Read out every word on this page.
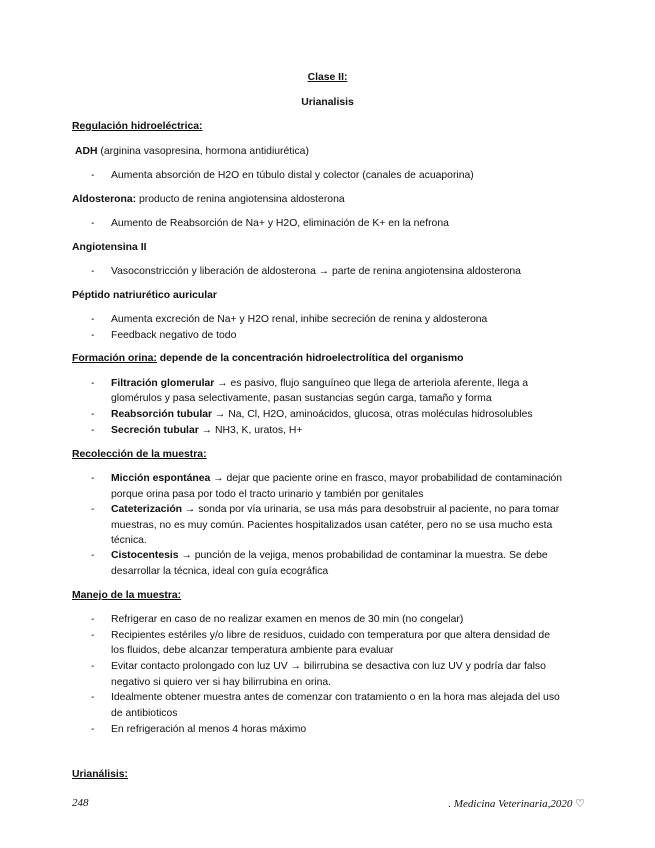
Clase II:
Urianalisis
Regulación hidroeléctrica:
ADH (arginina vasopresina, hormona antidiurética)
- Aumenta absorción de H2O en túbulo distal y colector (canales de acuaporina)
Aldosterona: producto de renina angiotensina aldosterona
- Aumento de Reabsorción de Na+ y H2O, eliminación de K+ en la nefrona
Angiotensina II
- Vasoconstricción y liberación de aldosterona → parte de renina angiotensina aldosterona
Péptido natriurético auricular
- Aumenta excreción de Na+ y H2O renal, inhibe secreción de renina y aldosterona
- Feedback negativo de todo
Formación orina: depende de la concentración hidroelectrolítica del organismo
- Filtración glomerular → es pasivo, flujo sanguíneo que llega de arteriola aferente, llega a
glomérulos y pasa selectivamente, pasan sustancias según carga, tamaño y forma
- Reabsorción tubular → Na, Cl, H2O, aminoácidos, glucosa, otras moléculas hidrosolubles
- Secreción tubular → NH3, K, uratos, H+
Recolección de la muestra:
- Micción espontánea → dejar que paciente orine en frasco, mayor probabilidad de contaminación
porque orina pasa por todo el tracto urinario y también por genitales
- Cateterización → sonda por vía urinaria, se usa más para desobstruir al paciente, no para tomar
muestras, no es muy común. Pacientes hospitalizados usan catéter, pero no se usa mucho esta
técnica.
- Cistocentesis → punción de la vejiga, menos probabilidad de contaminar la muestra. Se debe
desarrollar la técnica, ideal con guía ecográfica
Manejo de la muestra:
- Refrigerar en caso de no realizar examen en menos de 30 min (no congelar)
- Recipientes estériles y/o libre de residuos, cuidado con temperatura por que altera densidad de
los fluidos, debe alcanzar temperatura ambiente para evaluar
- Evitar contacto prolongado con luz UV → bilirrubina se desactiva con luz UV y podría dar falso
negativo si quiero ver si hay bilirrubina en orina.
- Idealmente obtener muestra antes de comenzar con tratamiento o en la hora mas alejada del uso
de antibioticos
- En refrigeración al menos 4 horas máximo
Urianálisis:
248	. Medicina Veterinaria,2020 ♡
